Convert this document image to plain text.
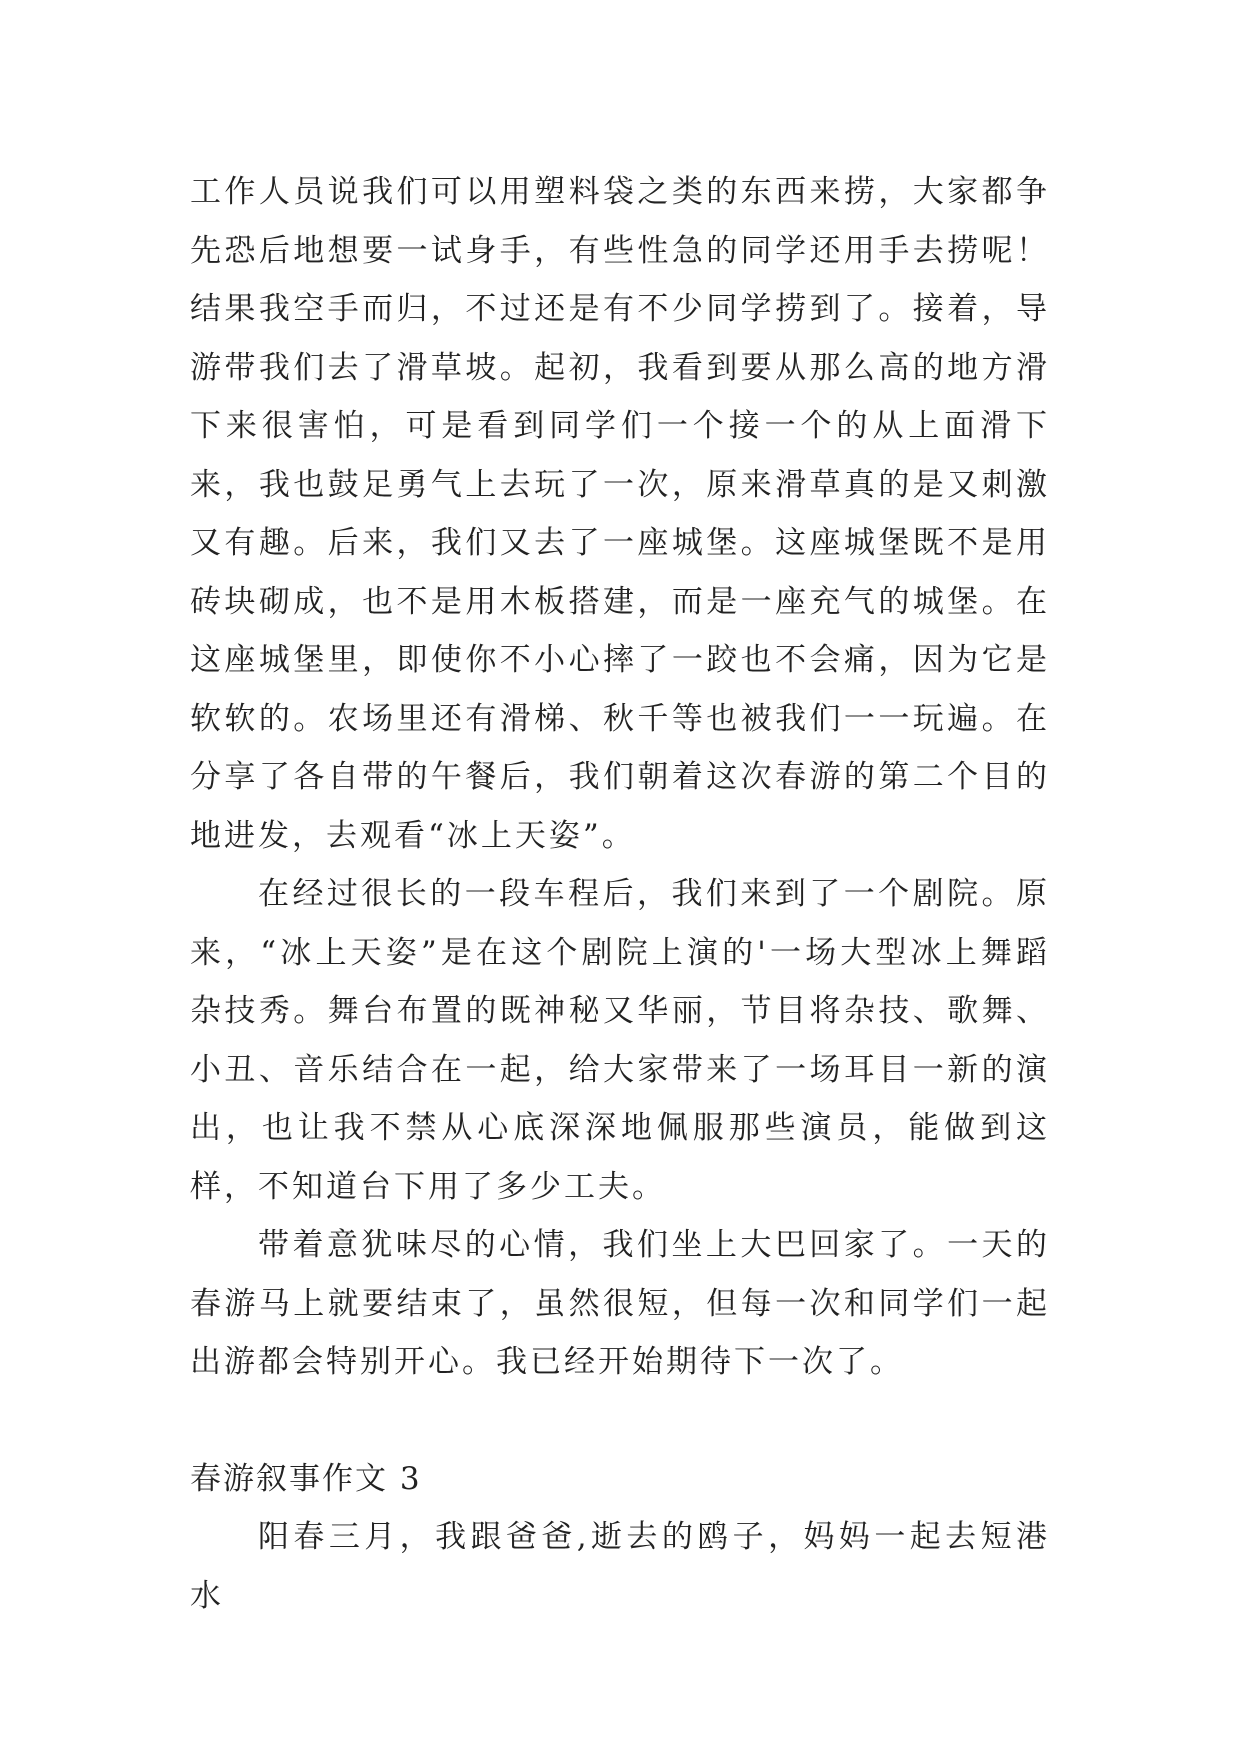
工作人员说我们可以用塑料袋之类的东西来捞，大家都争先恐后地想要一试身手，有些性急的同学还用手去捞呢！结果我空手而归，不过还是有不少同学捞到了。接着，导游带我们去了滑草坡。起初，我看到要从那么高的地方滑下来很害怕，可是看到同学们一个接一个的从上面滑下来，我也鼓足勇气上去玩了一次，原来滑草真的是又刺激又有趣。后来，我们又去了一座城堡。这座城堡既不是用砖块砌成，也不是用木板搭建，而是一座充气的城堡。在这座城堡里，即使你不小心摔了一跤也不会痛，因为它是软软的。农场里还有滑梯、秋千等也被我们一一玩遍。在分享了各自带的午餐后，我们朝着这次春游的第二个目的地进发，去观看“冰上天姿”。

在经过很长的一段车程后，我们来到了一个剧院。原来，“冰上天姿”是在这个剧院上演的'一场大型冰上舞蹈杂技秀。舞台布置的既神秘又华丽，节目将杂技、歌舞、小丑、音乐结合在一起，给大家带来了一场耳目一新的演出，也让我不禁从心底深深地佩服那些演员，能做到这样，不知道台下用了多少工夫。

带着意犹味尽的心情，我们坐上大巴回家了。一天的春游马上就要结束了，虽然很短，但每一次和同学们一起出游都会特别开心。我已经开始期待下一次了。

春游叙事作文 3

阳春三月，我跟爸爸,逝去的鸥子，妈妈一起去短港水
